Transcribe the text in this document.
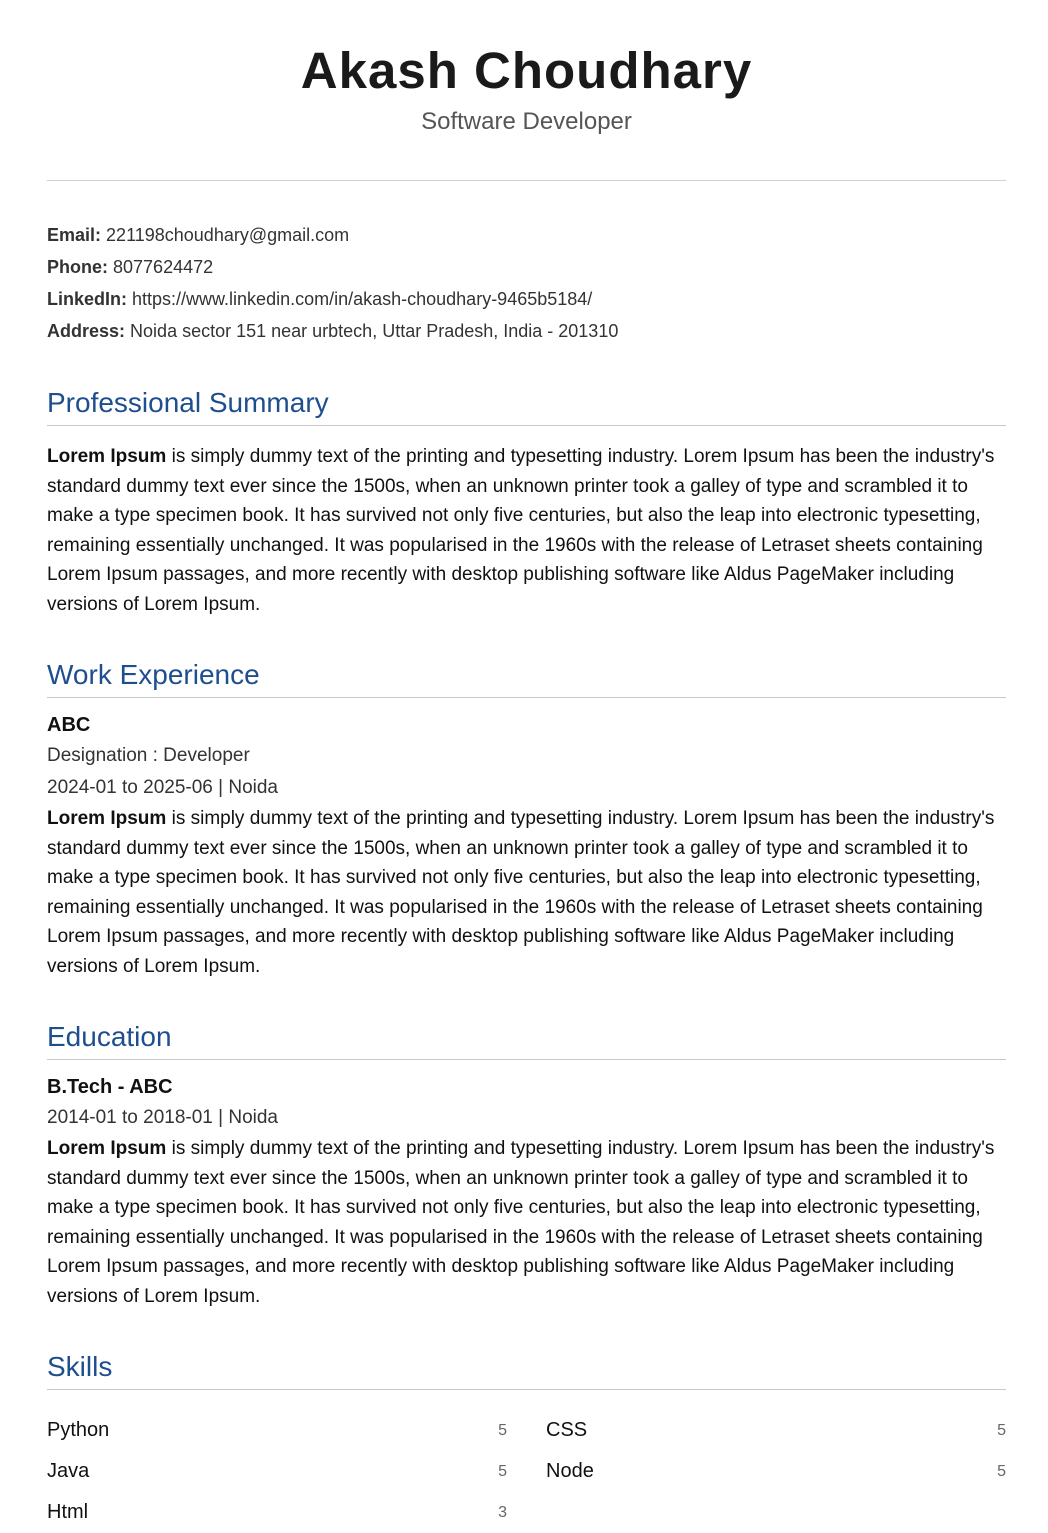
Akash Choudhary
Software Developer
Email: 221198choudhary@gmail.com
Phone: 8077624472
LinkedIn: https://www.linkedin.com/in/akash-choudhary-9465b5184/
Address: Noida sector 151 near urbtech, Uttar Pradesh, India - 201310
Professional Summary

Lorem Ipsum is simply dummy text of the printing and typesetting industry. Lorem Ipsum has been the industry's standard dummy text ever since the 1500s, when an unknown printer took a galley of type and scrambled it to make a type specimen book. It has survived not only five centuries, but also the leap into electronic typesetting, remaining essentially unchanged. It was popularised in the 1960s with the release of Letraset sheets containing Lorem Ipsum passages, and more recently with desktop publishing software like Aldus PageMaker including versions of Lorem Ipsum.

Work Experience
ABC
Designation : Developer
2024-01 to 2025-06 | Noida

Lorem Ipsum is simply dummy text of the printing and typesetting industry. Lorem Ipsum has been the industry's standard dummy text ever since the 1500s, when an unknown printer took a galley of type and scrambled it to make a type specimen book. It has survived not only five centuries, but also the leap into electronic typesetting, remaining essentially unchanged. It was popularised in the 1960s with the release of Letraset sheets containing Lorem Ipsum passages, and more recently with desktop publishing software like Aldus PageMaker including versions of Lorem Ipsum.

Education
B.Tech - ABC
2014-01 to 2018-01 | Noida

Lorem Ipsum is simply dummy text of the printing and typesetting industry. Lorem Ipsum has been the industry's standard dummy text ever since the 1500s, when an unknown printer took a galley of type and scrambled it to make a type specimen book. It has survived not only five centuries, but also the leap into electronic typesetting, remaining essentially unchanged. It was popularised in the 1960s with the release of Letraset sheets containing Lorem Ipsum passages, and more recently with desktop publishing software like Aldus PageMaker including versions of Lorem Ipsum.

Skills
Python	5
Java	5
Html	3
CSS	5
Node	5
